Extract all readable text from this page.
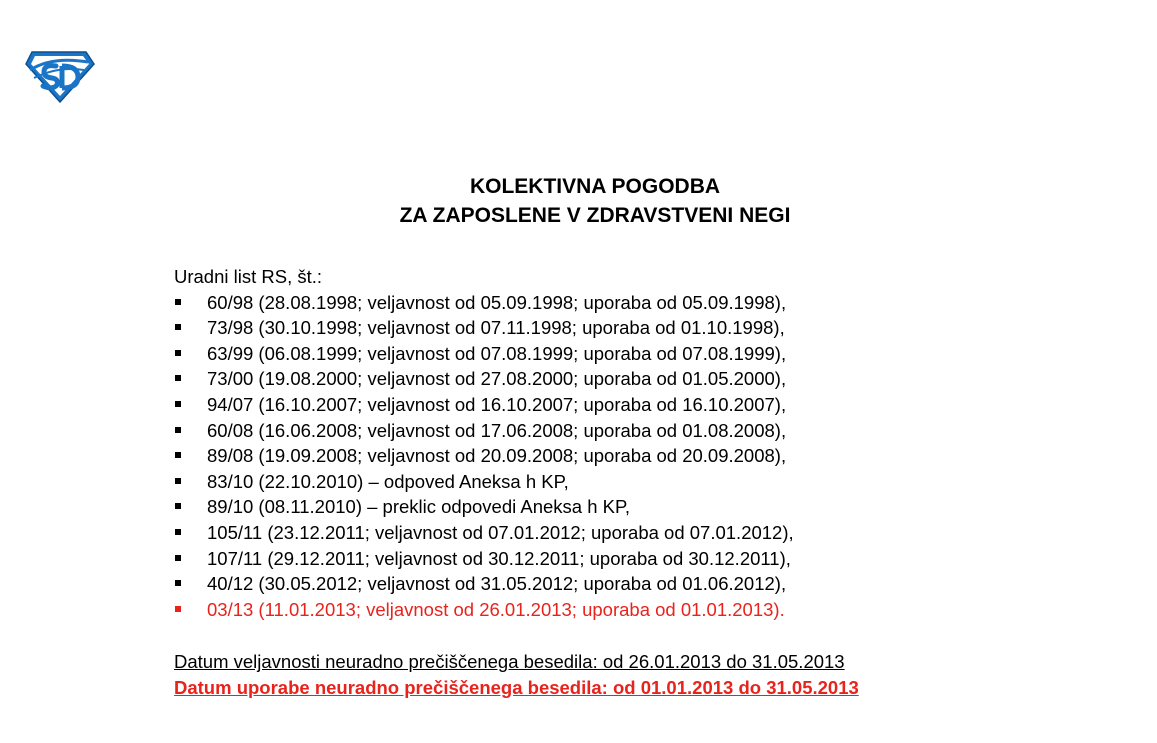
KOLEKTIVNA POGODBA
ZA ZAPOSLENE V ZDRAVSTVENI NEGI
Uradni list RS, št.:
60/98 (28.08.1998; veljavnost od 05.09.1998; uporaba od 05.09.1998),
73/98 (30.10.1998; veljavnost od 07.11.1998; uporaba od 01.10.1998),
63/99 (06.08.1999; veljavnost od 07.08.1999; uporaba od 07.08.1999),
73/00 (19.08.2000; veljavnost od 27.08.2000; uporaba od 01.05.2000),
94/07 (16.10.2007; veljavnost od 16.10.2007; uporaba od 16.10.2007),
60/08 (16.06.2008; veljavnost od 17.06.2008; uporaba od 01.08.2008),
89/08 (19.09.2008; veljavnost od 20.09.2008; uporaba od 20.09.2008),
83/10 (22.10.2010) – odpoved Aneksa h KP,
89/10 (08.11.2010) – preklic odpovedi Aneksa h KP,
105/11 (23.12.2011; veljavnost od 07.01.2012; uporaba od 07.01.2012),
107/11 (29.12.2011; veljavnost od 30.12.2011; uporaba od 30.12.2011),
40/12 (30.05.2012; veljavnost od 31.05.2012; uporaba od 01.06.2012),
03/13 (11.01.2013; veljavnost od 26.01.2013; uporaba od 01.01.2013).
Datum veljavnosti neuradno prečiščenega besedila: od 26.01.2013 do 31.05.2013
Datum uporabe neuradno prečiščenega besedila: od 01.01.2013 do 31.05.2013
